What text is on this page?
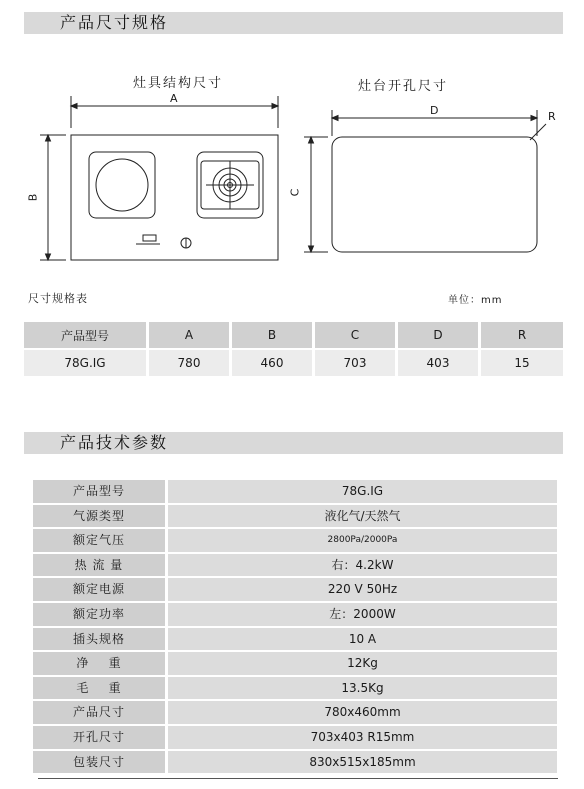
产品尺寸规格
灶具结构尺寸	灶台开孔尺寸
A
B
C
D	R
尺寸规格表	单位：mm
产品型号	A	B	C	D	R
78G.IG	780	460	703	403	15
产品技术参数
产品型号	78G.IG
气源类型	液化气/天然气
额定气压	2800Pa/2000Pa
热 流 量	右：4.2kW
额定电源	220 V 50Hz
额定功率	左：2000W
插头规格	10 A
净    重	12Kg
毛    重	13.5Kg
产品尺寸	780x460mm
开孔尺寸	703x403 R15mm
包装尺寸	830x515x185mm
